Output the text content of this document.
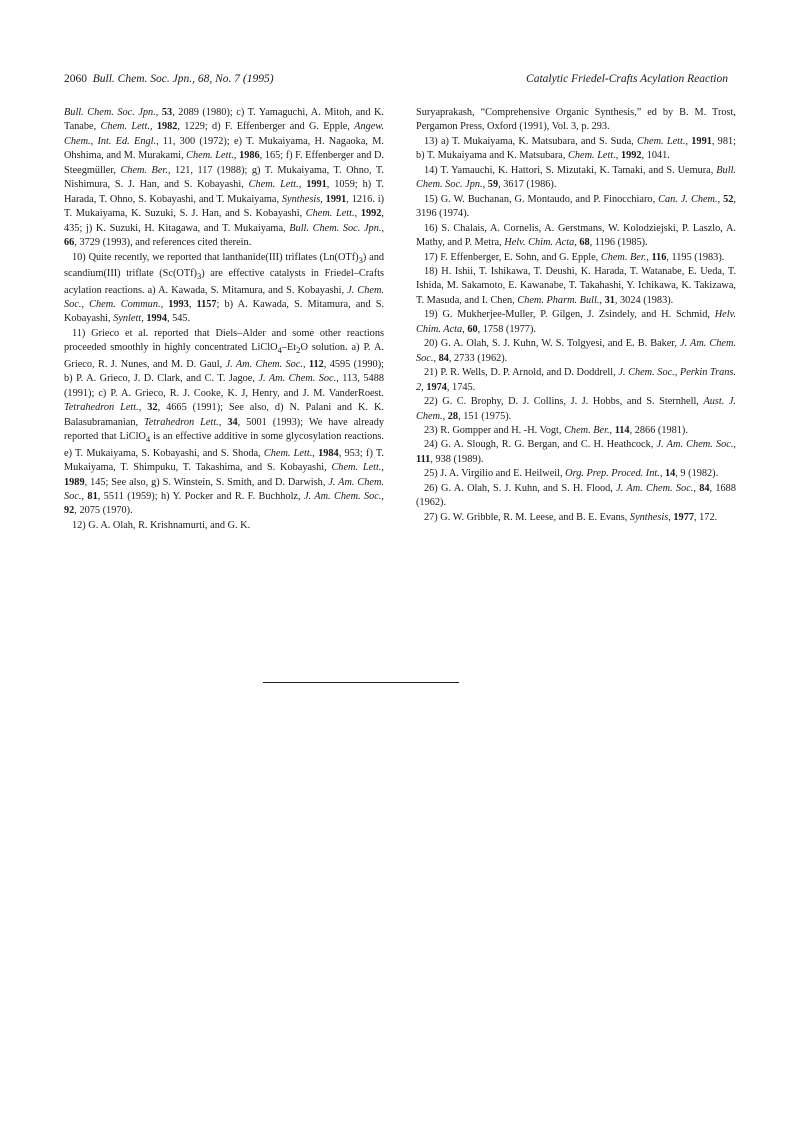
2060 Bull. Chem. Soc. Jpn., 68, No. 7 (1995)	Catalytic Friedel-Crafts Acylation Reaction

Bull. Chem. Soc. Jpn., 53, 2089 (1980); c) T. Yamaguchi, A. Mitoh, and K. Tanabe, Chem. Lett., 1982, 1229; d) F. Effenberger and G. Epple, Angew. Chem., Int. Ed. Engl., 11, 300 (1972); e) T. Mukaiyama, H. Nagaoka, M. Ohshima, and M. Murakami, Chem. Lett., 1986, 165; f) F. Effenberger and D. Steegmüller, Chem. Ber., 121, 117 (1988); g) T. Mukaiyama, T. Ohno, T. Nishimura, S. J. Han, and S. Kobayashi, Chem. Lett., 1991, 1059; h) T. Harada, T. Ohno, S. Kobayashi, and T. Mukaiyama, Synthesis, 1991, 1216. i) T. Mukaiyama, K. Suzuki, S. J. Han, and S. Kobayashi, Chem. Lett., 1992, 435; j) K. Suzuki, H. Kitagawa, and T. Mukaiyama, Bull. Chem. Soc. Jpn., 66, 3729 (1993), and references cited therein.

10) Quite recently, we reported that lanthanide(III) triflates $(Ln(OTf)_3)$ and scandium(III) triflate $(Sc(OTf)_3)$ are effective catalysts in Friedel–Crafts acylation reactions. a) A. Kawada, S. Mitamura, and S. Kobayashi, J. Chem. Soc., Chem. Commun., 1993, 1157; b) A. Kawada, S. Mitamura, and S. Kobayashi, Synlett, 1994, 545.

11) Grieco et al. reported that Diels–Alder and some other reactions proceeded smoothly in highly concentrated $LiClO_4-Et_2O$ solution. a) P. A. Grieco, R. J. Nunes, and M. D. Gaul, J. Am. Chem. Soc., 112, 4595 (1990); b) P. A. Grieco, J. D. Clark, and C. T. Jagoe, J. Am. Chem. Soc., 113, 5488 (1991); c) P. A. Grieco, R. J. Cooke, K. J, Henry, and J. M. VanderRoest. Tetrahedron Lett., 32, 4665 (1991); See also, d) N. Palani and K. K. Balasubramanian, Tetrahedron Lett., 34, 5001 (1993); We have already reported that LiClO$_4$ is an effective additive in some glycosylation reactions. e) T. Mukaiyama, S. Kobayashi, and S. Shoda, Chem. Lett., 1984, 953; f) T. Mukaiyama, T. Shimpuku, T. Takashima, and S. Kobayashi, Chem. Lett., 1989, 145; See also, g) S. Winstein, S. Smith, and D. Darwish, J. Am. Chem. Soc., 81, 5511 (1959); h) Y. Pocker and R. F. Buchholz, J. Am. Chem. Soc., 92, 2075 (1970).

12) G. A. Olah, R. Krishnamurti, and G. K.

Suryaprakash, “Comprehensive Organic Synthesis,” ed by B. M. Trost, Pergamon Press, Oxford (1991), Vol. 3, p. 293.

13) a) T. Mukaiyama, K. Matsubara, and S. Suda, Chem. Lett., 1991, 981; b) T. Mukaiyama and K. Matsubara, Chem. Lett., 1992, 1041.

14) T. Yamauchi, K. Hattori, S. Mizutaki, K. Tamaki, and S. Uemura, Bull. Chem. Soc. Jpn., 59, 3617 (1986).

15) G. W. Buchanan, G. Montaudo, and P. Finocchiaro, Can. J. Chem., 52, 3196 (1974).

16) S. Chalais, A. Cornelis, A. Gerstmans, W. Kolodziejski, P. Laszlo, A. Mathy, and P. Metra, Helv. Chim. Acta, 68, 1196 (1985).

17) F. Effenberger, E. Sohn, and G. Epple, Chem. Ber., 116, 1195 (1983).

18) H. Ishii, T. Ishikawa, T. Deushi, K. Harada, T. Watanabe, E. Ueda, T. Ishida, M. Sakamoto, E. Kawanabe, T. Takahashi, Y. Ichikawa, K. Takizawa, T. Masuda, and I. Chen, Chem. Pharm. Bull., 31, 3024 (1983).

19) G. Mukherjee-Muller, P. Gilgen, J. Zsindely, and H. Schmid, Helv. Chim. Acta, 60, 1758 (1977).

20) G. A. Olah, S. J. Kuhn, W. S. Tolgyesi, and E. B. Baker, J. Am. Chem. Soc., 84, 2733 (1962).

21) P. R. Wells, D. P. Arnold, and D. Doddrell, J. Chem. Soc., Perkin Trans. 2, 1974, 1745.

22) G. C. Brophy, D. J. Collins, J. J. Hobbs, and S. Sternhell, Aust. J. Chem., 28, 151 (1975).

23) R. Gompper and H. -H. Vogt, Chem. Ber., 114, 2866 (1981).

24) G. A. Slough, R. G. Bergan, and C. H. Heathcock, J. Am. Chem. Soc., 111, 938 (1989).

25) J. A. Virgilio and E. Heilweil, Org. Prep. Proced. Int., 14, 9 (1982).

26) G. A. Olah, S. J. Kuhn, and S. H. Flood, J. Am. Chem. Soc., 84, 1688 (1962).

27) G. W. Gribble, R. M. Leese, and B. E. Evans, Synthesis, 1977, 172.
